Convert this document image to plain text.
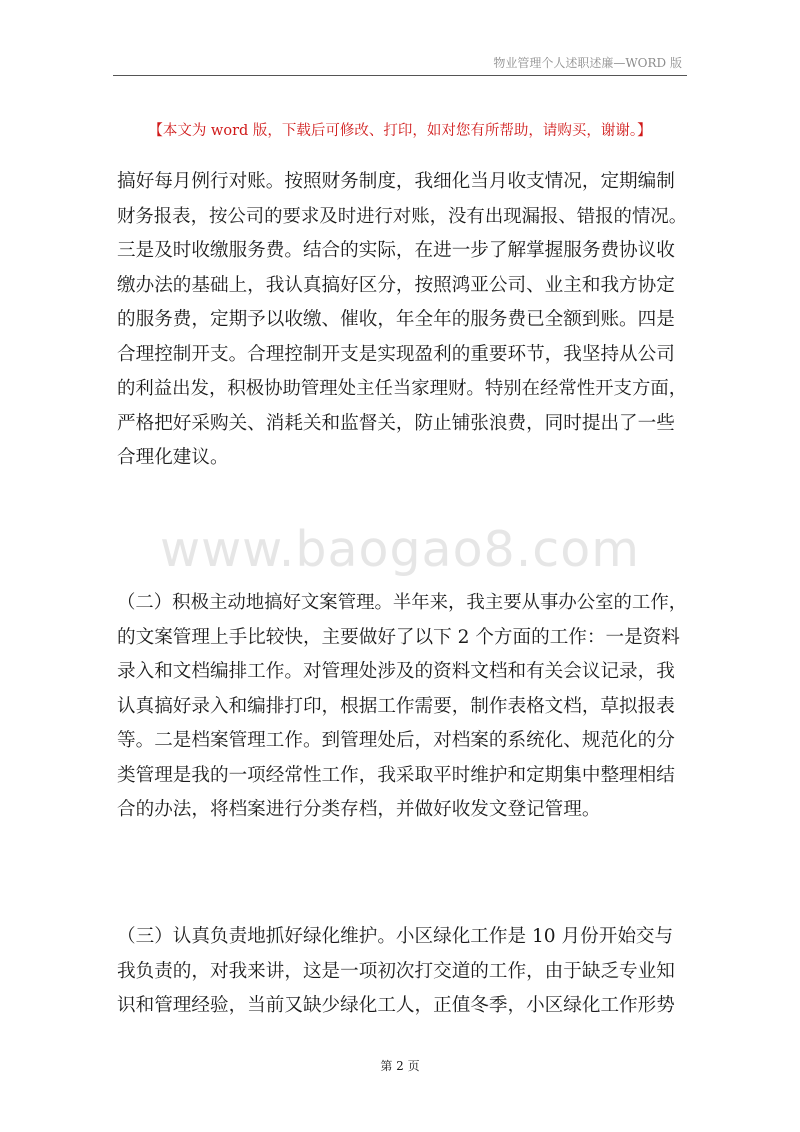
物业管理个人述职述廉—WORD 版
【本文为 word 版，下载后可修改、打印，如对您有所帮助，请购买，谢谢。】
www.baogao8.com
搞好每月例行对账。按照财务制度，我细化当月收支情况，定期编制
财务报表，按公司的要求及时进行对账，没有出现漏报、错报的情况。
三是及时收缴服务费。结合的实际，在进一步了解掌握服务费协议收
缴办法的基础上，我认真搞好区分，按照鸿亚公司、业主和我方协定
的服务费，定期予以收缴、催收，年全年的服务费已全额到账。四是
合理控制开支。合理控制开支是实现盈利的重要环节，我坚持从公司
的利益出发，积极协助管理处主任当家理财。特别在经常性开支方面，
严格把好采购关、消耗关和监督关，防止铺张浪费，同时提出了一些
合理化建议。
（二）积极主动地搞好文案管理。半年来，我主要从事办公室的工作，
的文案管理上手比较快，主要做好了以下 2 个方面的工作：一是资料
录入和文档编排工作。对管理处涉及的资料文档和有关会议记录，我
认真搞好录入和编排打印，根据工作需要，制作表格文档，草拟报表
等。二是档案管理工作。到管理处后，对档案的系统化、规范化的分
类管理是我的一项经常性工作，我采取平时维护和定期集中整理相结
合的办法，将档案进行分类存档，并做好收发文登记管理。
（三）认真负责地抓好绿化维护。小区绿化工作是 10 月份开始交与
我负责的，对我来讲，这是一项初次打交道的工作，由于缺乏专业知
识和管理经验，当前又缺少绿化工人，正值冬季，小区绿化工作形势
第 2 页
